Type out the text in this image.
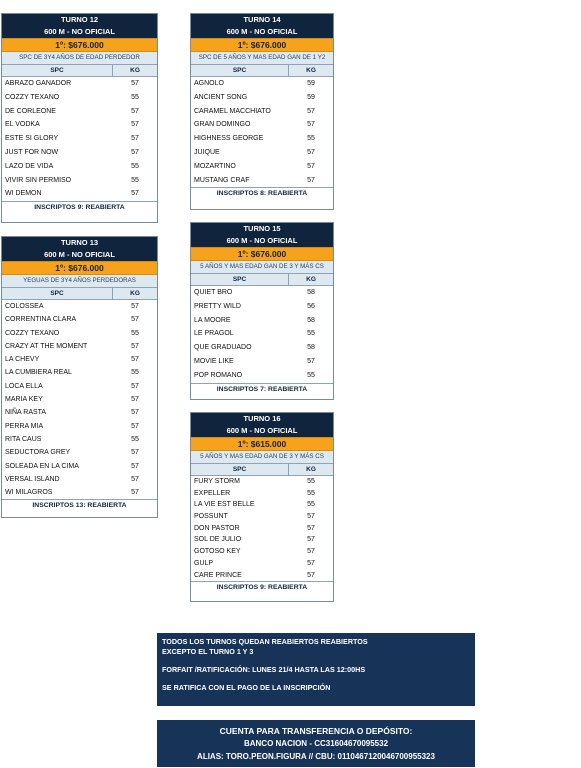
TURNO 12
600 M - NO OFICIAL
1º: $676.000
SPC DE 3Y4 AÑOS DE EDAD PERDEDOR
SPC	KG
ABRAZO GANADOR	57
COZZY TEXANO	55
DE CORLEONE	57
EL VODKA	57
ESTE SI GLORY	57
JUST FOR NOW	57
LAZO DE VIDA	55
VIVIR SIN PERMISO	55
WI DEMON	57
INSCRIPTOS 9: REABIERTA
TURNO 14
600 M - NO OFICIAL
1º: $676.000
SPC DE 5 AÑOS Y MAS EDAD GAN DE 1 Y2
SPC	KG
AGNOLO	59
ANCIENT SONG	59
CARAMEL MACCHIATO	57
GRAN DOMINGO	57
HIGHNESS GEORGE	55
JUIQUE	57
MOZARTINO	57
MUSTANG CRAF	57
INSCRIPTOS 8: REABIERTA
TURNO 13
600 M - NO OFICIAL
1º: $676.000
YEGUAS DE 3Y4 AÑOS PERDEDORAS
SPC	KG
COLOSSEA	57
CORRENTINA CLARA	57
COZZY TEXANO	55
CRAZY AT THE MOMENT	57
LA CHEVY	57
LA CUMBIERA REAL	55
LOCA ELLA	57
MARIA KEY	57
NIÑA RASTA	57
PERRA MIA	57
RITA CAUS	55
SEDUCTORA GREY	57
SOLEADA EN LA CIMA	57
VERSAL ISLAND	57
WI MILAGROS	57
INSCRIPTOS 13: REABIERTA
TURNO 15
600 M - NO OFICIAL
1º: $676.000
5 AÑOS Y MAS EDAD GAN DE 3 Y MÁS CS
SPC	KG
QUIET BRO	58
PRETTY WILD	56
LA MOORE	58
LE PRAGOL	55
QUE GRADUADO	58
MOVIE LIKE	57
POP ROMANO	55
INSCRIPTOS 7: REABIERTA
TURNO 16
600 M - NO OFICIAL
1º: $615.000
5 AÑOS Y MAS EDAD GAN DE 3 Y MÁS CS
SPC	KG
FURY STORM	55
EXPELLER	55
LA VIE EST BELLE	55
POSSUNT	57
DON PASTOR	57
SOL DE JULIO	57
GOTOSO KEY	57
GULP	57
CARE PRINCE	57
INSCRIPTOS 9: REABIERTA

TODOS LOS TURNOS QUEDAN REABIERTOS REABIERTOS

EXCEPTO EL TURNO 1 Y 3

FORFAIT /RATIFICACIÓN: LUNES 21/4 HASTA LAS 12:00HS

SE RATIFICA CON EL PAGO DE LA INSCRIPCIÓN

CUENTA PARA TRANSFERENCIA O DEPÓSITO:

BANCO NACION - CC31604670095532

ALIAS: TORO.PEON.FIGURA // CBU: 0110467120046700955323
